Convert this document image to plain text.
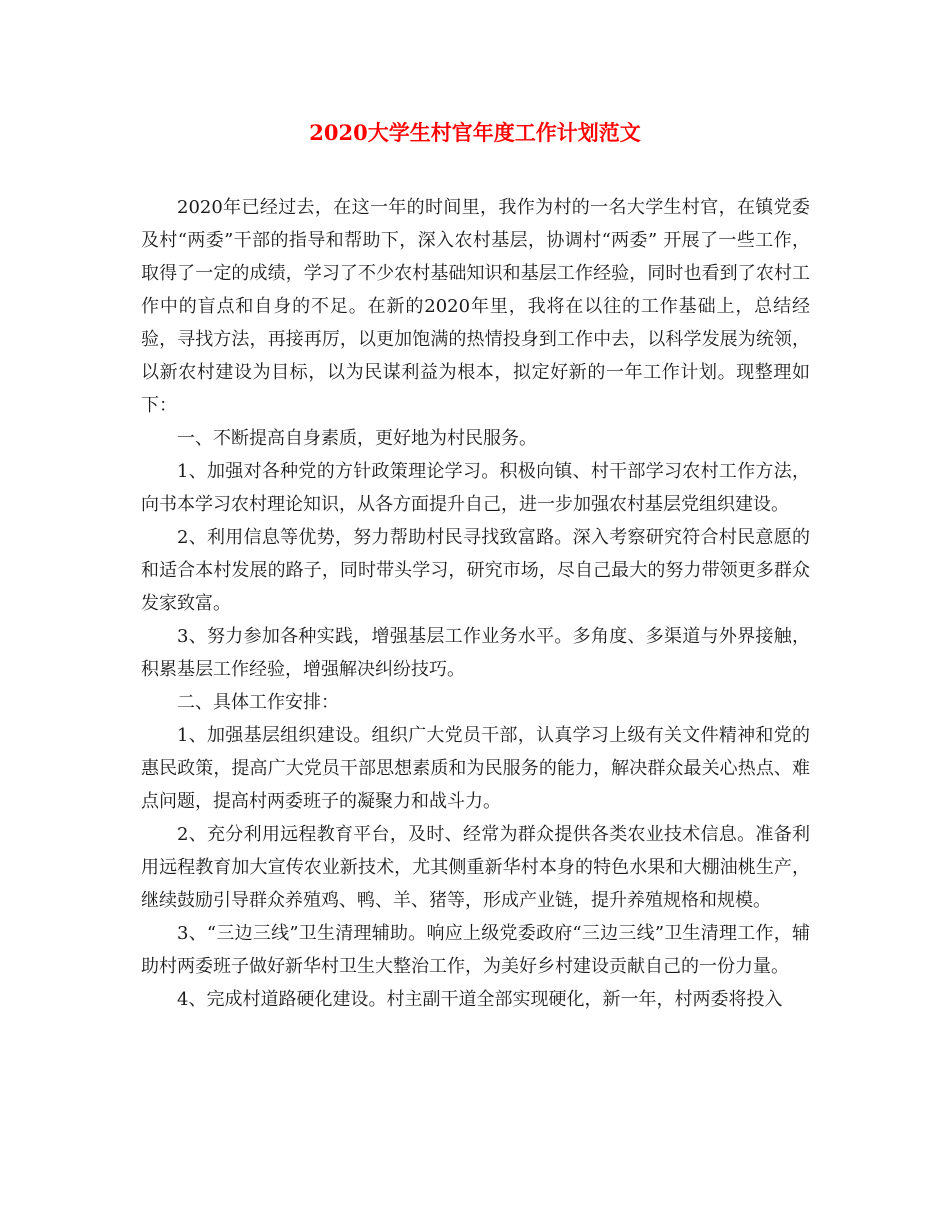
2020大学生村官年度工作计划范文

2020年已经过去，在这一年的时间里，我作为村的一名大学生村官，在镇党委及村“两委”干部的指导和帮助下，深入农村基层，协调村“两委” 开展了一些工作，取得了一定的成绩，学习了不少农村基础知识和基层工作经验，同时也看到了农村工作中的盲点和自身的不足。在新的2020年里，我将在以往的工作基础上，总结经验，寻找方法，再接再厉，以更加饱满的热情投身到工作中去，以科学发展为统领，以新农村建设为目标，以为民谋利益为根本，拟定好新的一年工作计划。现整理如下：

一、不断提高自身素质，更好地为村民服务。

1、加强对各种党的方针政策理论学习。积极向镇、村干部学习农村工作方法，向书本学习农村理论知识，从各方面提升自己，进一步加强农村基层党组织建设。

2、利用信息等优势，努力帮助村民寻找致富路。深入考察研究符合村民意愿的和适合本村发展的路子，同时带头学习，研究市场，尽自己最大的努力带领更多群众发家致富。

3、努力参加各种实践，增强基层工作业务水平。多角度、多渠道与外界接触，积累基层工作经验，增强解决纠纷技巧。

二、具体工作安排：

1、加强基层组织建设。组织广大党员干部，认真学习上级有关文件精神和党的惠民政策，提高广大党员干部思想素质和为民服务的能力，解决群众最关心热点、难点问题，提高村两委班子的凝聚力和战斗力。

2、充分利用远程教育平台，及时、经常为群众提供各类农业技术信息。准备利用远程教育加大宣传农业新技术，尤其侧重新华村本身的特色水果和大棚油桃生产，继续鼓励引导群众养殖鸡、鸭、羊、猪等，形成产业链，提升养殖规格和规模。

3、“三边三线”卫生清理辅助。响应上级党委政府“三边三线”卫生清理工作，辅助村两委班子做好新华村卫生大整治工作，为美好乡村建设贡献自己的一份力量。

4、完成村道路硬化建设。村主副干道全部实现硬化，新一年，村两委将投入
